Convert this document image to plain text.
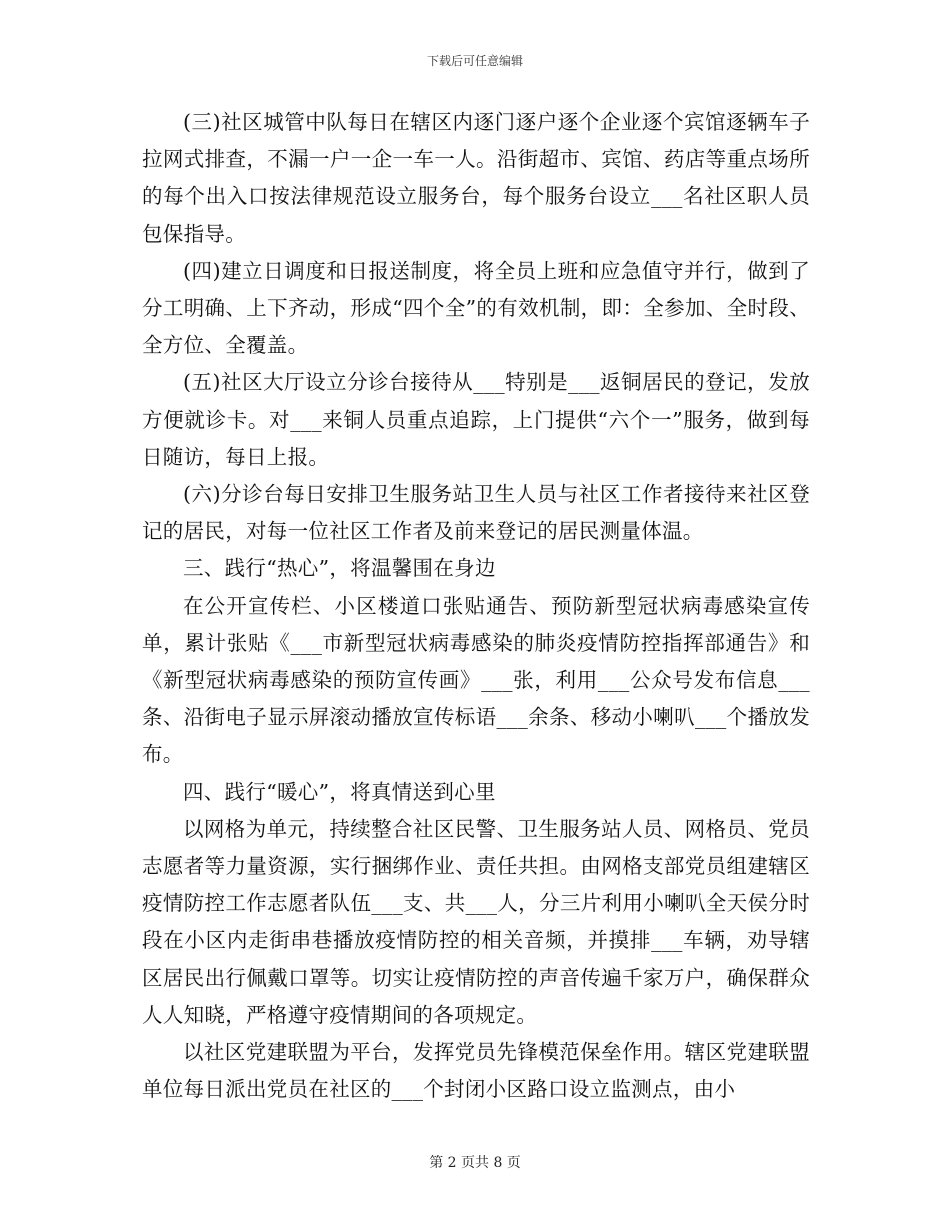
下载后可任意编辑

(三)社区城管中队每日在辖区内逐门逐户逐个企业逐个宾馆逐辆车子拉网式排查，不漏一户一企一车一人。沿街超市、宾馆、药店等重点场所的每个出入口按法律规范设立服务台，每个服务台设立___名社区职人员包保指导。

(四)建立日调度和日报送制度，将全员上班和应急值守并行，做到了分工明确、上下齐动，形成“四个全”的有效机制，即：全参加、全时段、全方位、全覆盖。

(五)社区大厅设立分诊台接待从___特别是___返铜居民的登记，发放方便就诊卡。对___来铜人员重点追踪，上门提供“六个一”服务，做到每日随访，每日上报。

(六)分诊台每日安排卫生服务站卫生人员与社区工作者接待来社区登记的居民，对每一位社区工作者及前来登记的居民测量体温。

三、践行“热心”，将温馨围在身边

在公开宣传栏、小区楼道口张贴通告、预防新型冠状病毒感染宣传单，累计张贴《___市新型冠状病毒感染的肺炎疫情防控指挥部通告》和《新型冠状病毒感染的预防宣传画》___张，利用___公众号发布信息___条、沿街电子显示屏滚动播放宣传标语___余条、移动小喇叭___个播放发布。

四、践行“暖心”，将真情送到心里

以网格为单元，持续整合社区民警、卫生服务站人员、网格员、党员志愿者等力量资源，实行捆绑作业、责任共担。由网格支部党员组建辖区疫情防控工作志愿者队伍___支、共___人，分三片利用小喇叭全天侯分时段在小区内走街串巷播放疫情防控的相关音频，并摸排___车辆，劝导辖区居民出行佩戴口罩等。切实让疫情防控的声音传遍千家万户，确保群众人人知晓，严格遵守疫情期间的各项规定。

以社区党建联盟为平台，发挥党员先锋模范保垒作用。辖区党建联盟单位每日派出党员在社区的___个封闭小区路口设立监测点，由小

第 2 页共 8 页
